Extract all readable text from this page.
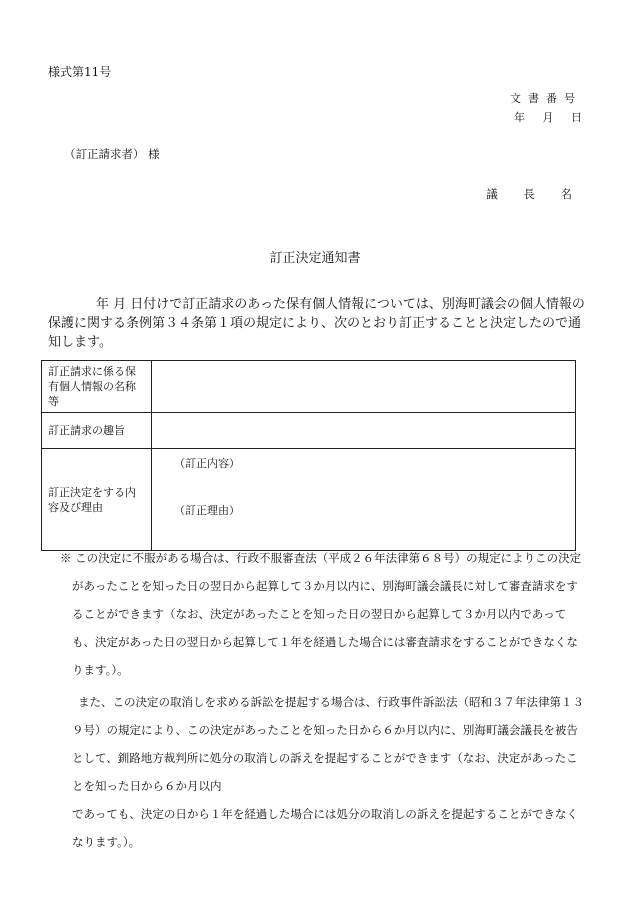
様式第11号
文書番号
年 月 日
（訂正請求者） 様
議 長 名
訂正決定通知書
年 月 日付けで訂正請求のあった保有個人情報については、別海町議会の個人情報の保護に関する条例第３４条第１項の規定により、次のとおり訂正することと決定したので通知します。
訂正請求に係る保有個人情報の名称等	
訂正請求の趣旨	
訂正決定をする内容及び理由	（訂正内容）
（訂正理由）

※ この決定に不服がある場合は、行政不服審査法（平成２６年法律第６８号）の規定によりこの決定があったことを知った日の翌日から起算して３か月以内に、別海町議会議長に対して審査請求をすることができます（なお、決定があったことを知った日の翌日から起算して３か月以内であっても、決定があった日の翌日から起算して１年を経過した場合には審査請求をすることができなくなります。）。

また、この決定の取消しを求める訴訟を提起する場合は、行政事件訴訟法（昭和３７年法律第１３９号）の規定により、この決定があったことを知った日から６か月以内に、別海町議会議長を被告として、釧路地方裁判所に処分の取消しの訴えを提起することができます（なお、決定があったことを知った日から６か月以内
であっても、決定の日から１年を経過した場合には処分の取消しの訴えを提起することができなくなります。）。
